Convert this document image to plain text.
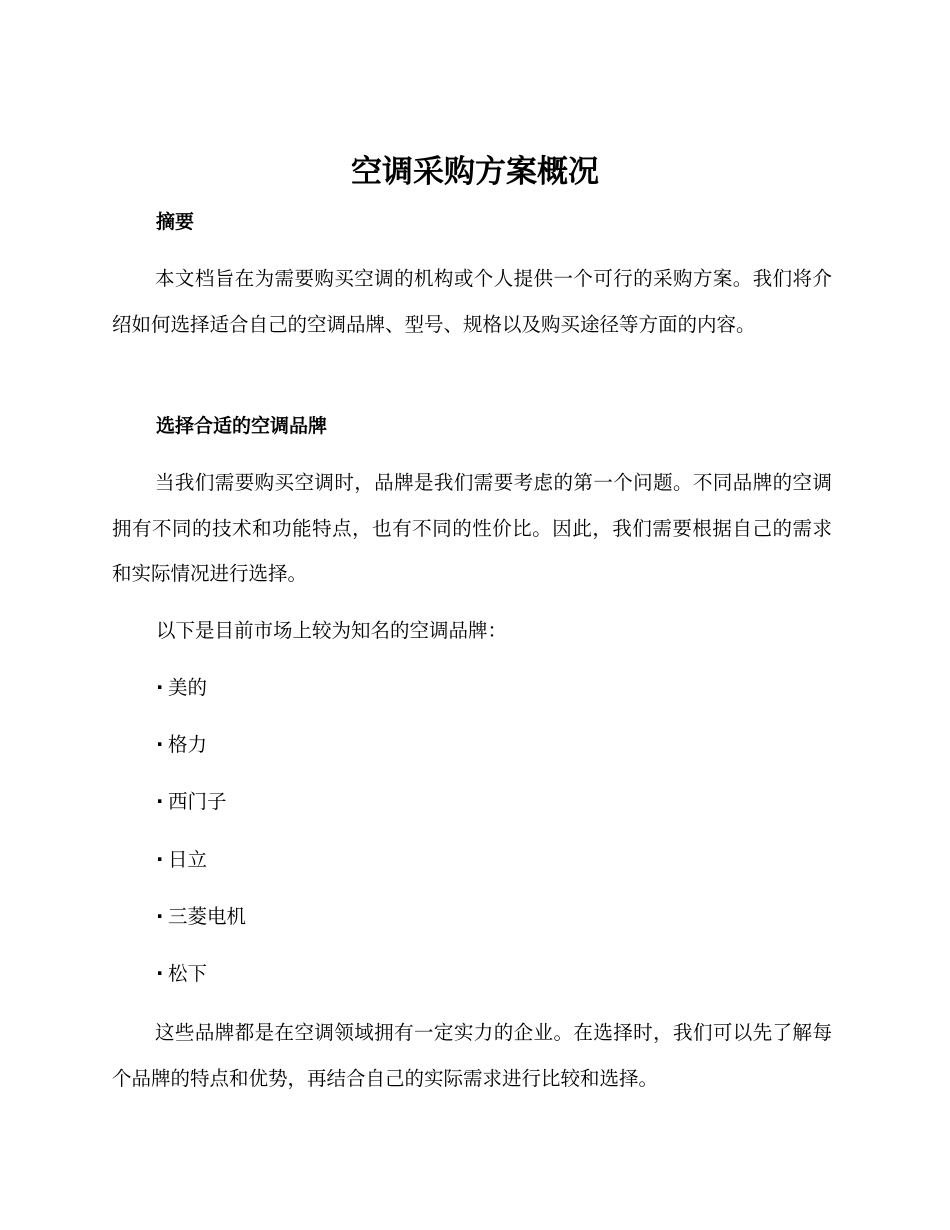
空调采购方案概况
摘要

本文档旨在为需要购买空调的机构或个人提供一个可行的采购方案。我们将介绍如何选择适合自己的空调品牌、型号、规格以及购买途径等方面的内容。

选择合适的空调品牌

当我们需要购买空调时，品牌是我们需要考虑的第一个问题。不同品牌的空调拥有不同的技术和功能特点，也有不同的性价比。因此，我们需要根据自己的需求和实际情况进行选择。

以下是目前市场上较为知名的空调品牌：

· 美的
· 格力
· 西门子
· 日立
· 三菱电机
· 松下

这些品牌都是在空调领域拥有一定实力的企业。在选择时，我们可以先了解每个品牌的特点和优势，再结合自己的实际需求进行比较和选择。
